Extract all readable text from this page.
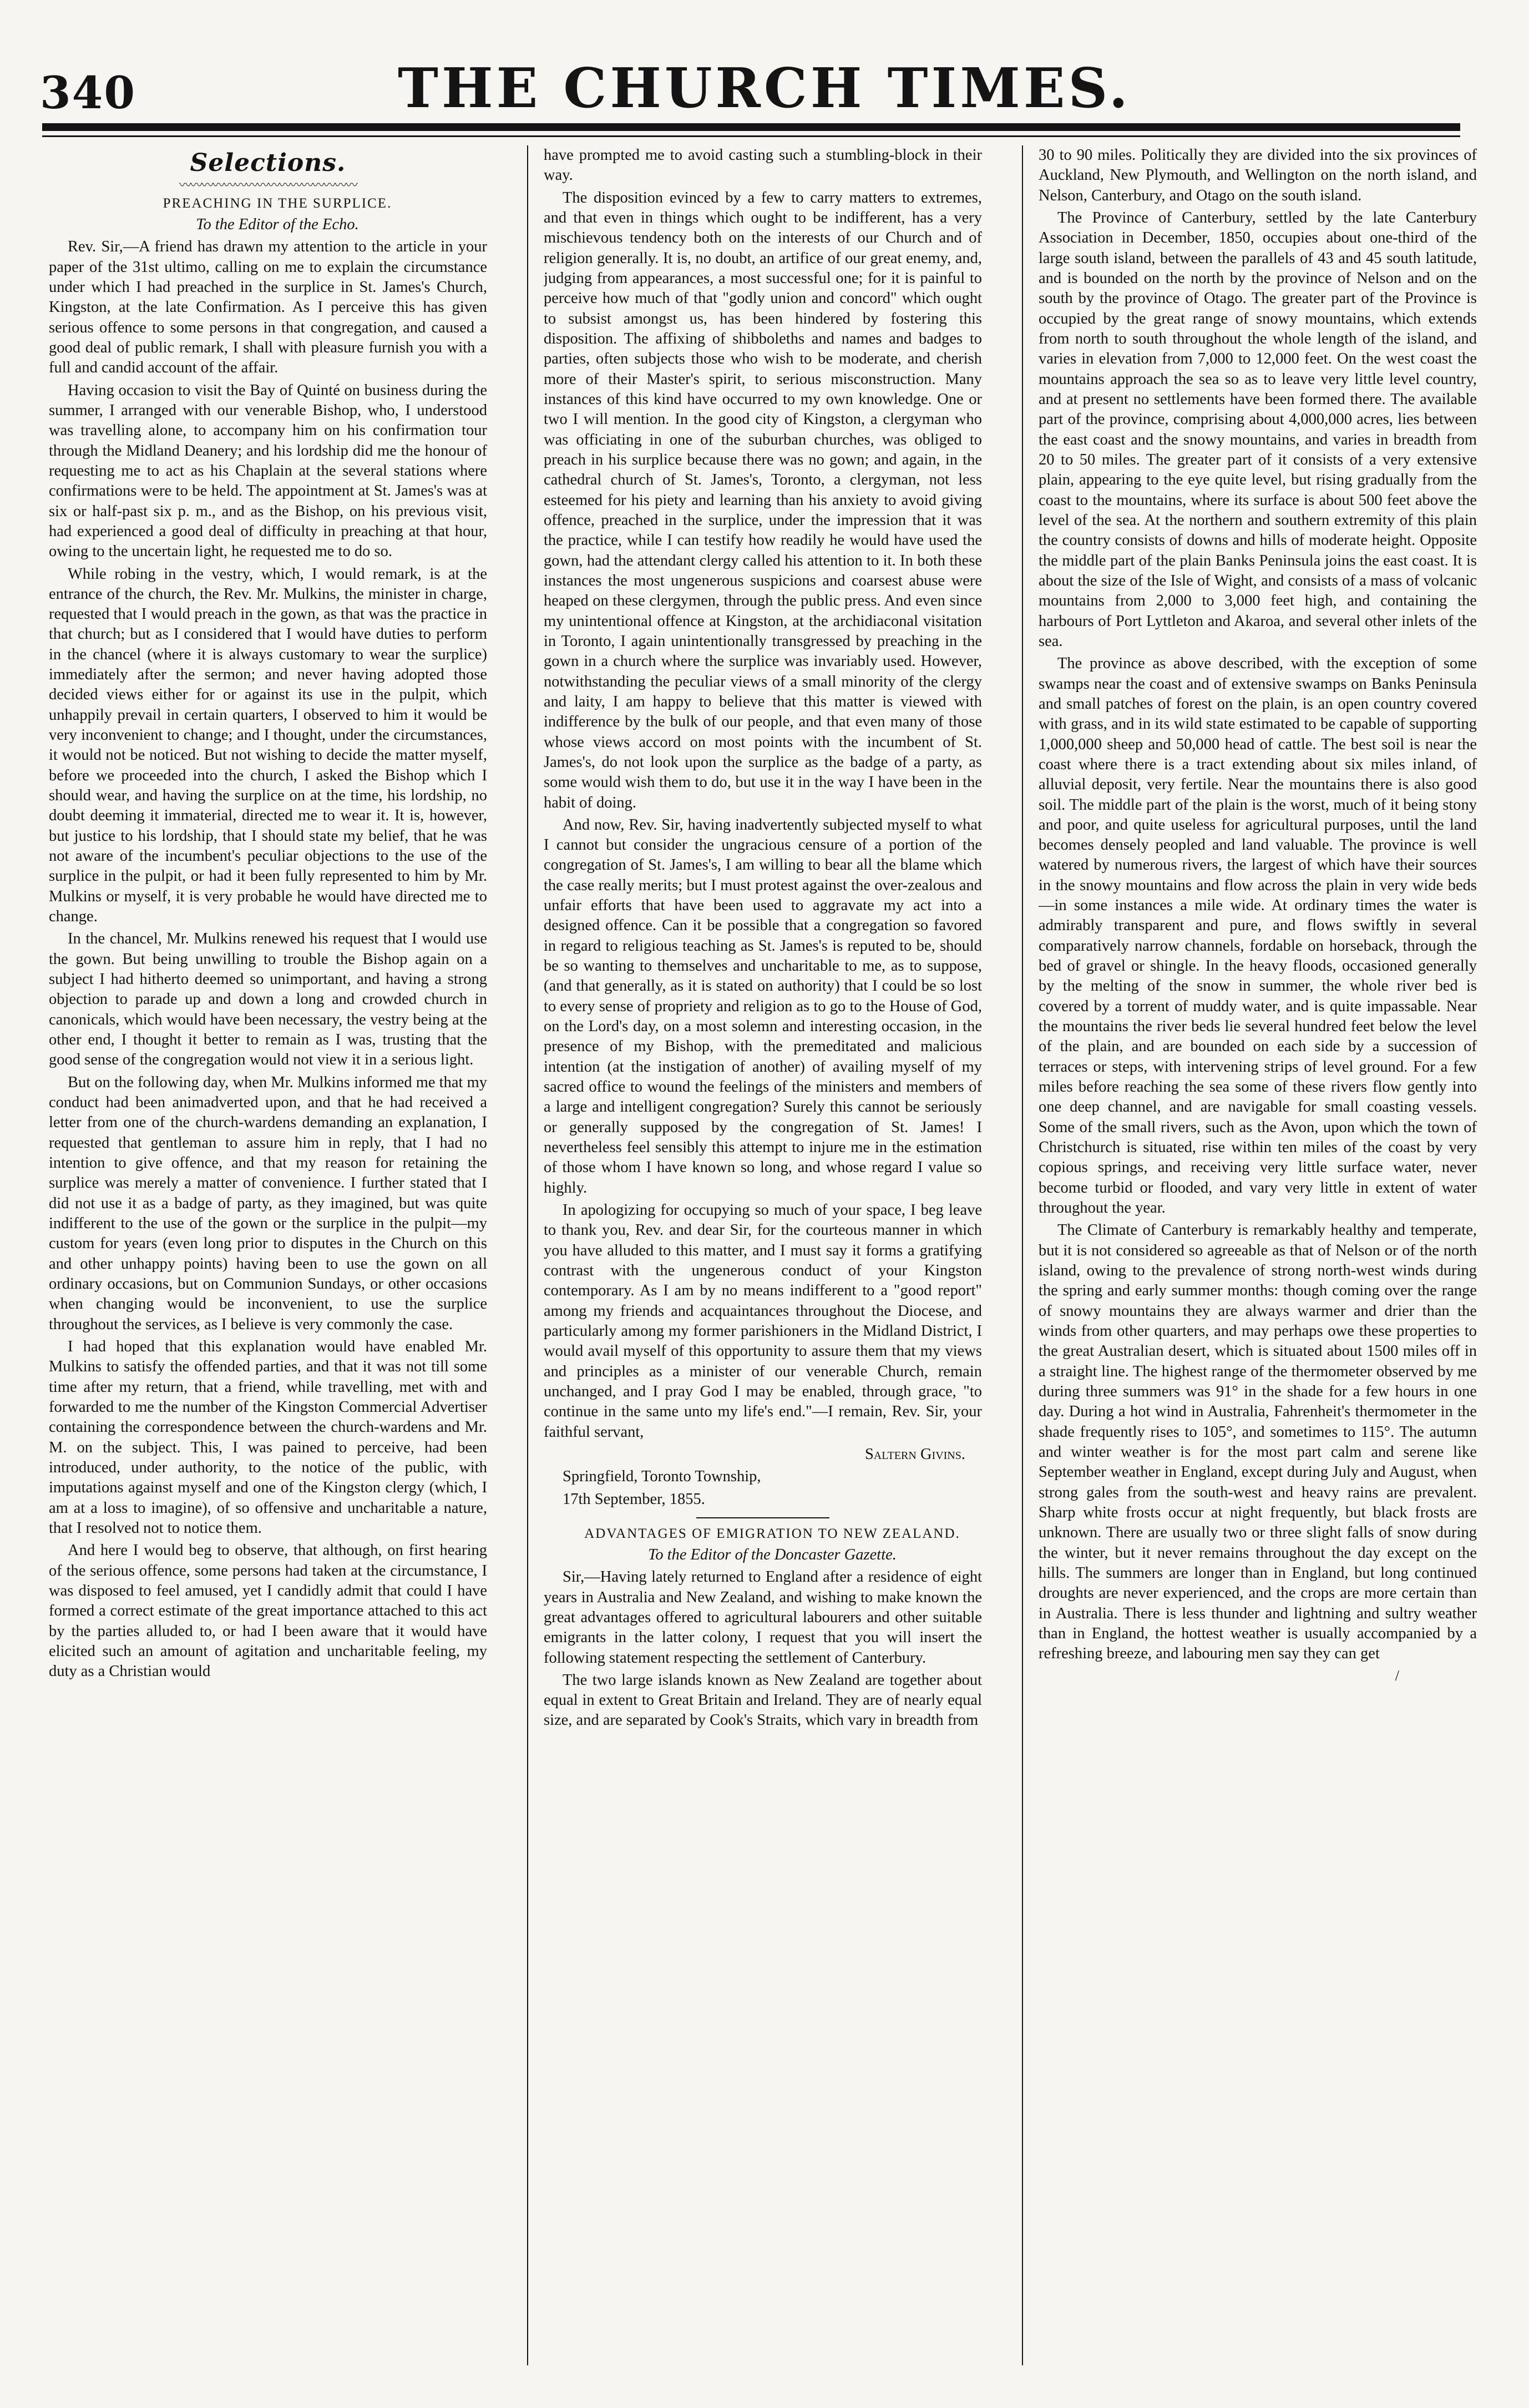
340	THE CHURCH TIMES.
Selections.
〰〰〰〰〰〰〰〰〰〰〰〰〰〰〰〰

PREACHING IN THE SURPLICE.

To the Editor of the Echo.

Rev. Sir,—A friend has drawn my attention to the article in your paper of the 31st ultimo, calling on me to explain the circumstance under which I had preached in the surplice in St. James's Church, Kingston, at the late Confirmation. As I perceive this has given serious offence to some persons in that congregation, and caused a good deal of public remark, I shall with pleasure furnish you with a full and candid account of the affair.

Having occasion to visit the Bay of Quinté on business during the summer, I arranged with our venerable Bishop, who, I understood was travelling alone, to accompany him on his confirmation tour through the Midland Deanery; and his lordship did me the honour of requesting me to act as his Chaplain at the several stations where confirmations were to be held. The appointment at St. James's was at six or half-past six p. m., and as the Bishop, on his previous visit, had experienced a good deal of difficulty in preaching at that hour, owing to the uncertain light, he requested me to do so.

While robing in the vestry, which, I would remark, is at the entrance of the church, the Rev. Mr. Mulkins, the minister in charge, requested that I would preach in the gown, as that was the practice in that church; but as I considered that I would have duties to perform in the chancel (where it is always customary to wear the surplice) immediately after the sermon; and never having adopted those decided views either for or against its use in the pulpit, which unhappily prevail in certain quarters, I observed to him it would be very inconvenient to change; and I thought, under the circumstances, it would not be noticed. But not wishing to decide the matter myself, before we proceeded into the church, I asked the Bishop which I should wear, and having the surplice on at the time, his lordship, no doubt deeming it immaterial, directed me to wear it. It is, however, but justice to his lordship, that I should state my belief, that he was not aware of the incumbent's peculiar objections to the use of the surplice in the pulpit, or had it been fully represented to him by Mr. Mulkins or myself, it is very probable he would have directed me to change.

In the chancel, Mr. Mulkins renewed his request that I would use the gown. But being unwilling to trouble the Bishop again on a subject I had hitherto deemed so unimportant, and having a strong objection to parade up and down a long and crowded church in canonicals, which would have been necessary, the vestry being at the other end, I thought it better to remain as I was, trusting that the good sense of the congregation would not view it in a serious light.

But on the following day, when Mr. Mulkins informed me that my conduct had been animadverted upon, and that he had received a letter from one of the church-wardens demanding an explanation, I requested that gentleman to assure him in reply, that I had no intention to give offence, and that my reason for retaining the surplice was merely a matter of convenience. I further stated that I did not use it as a badge of party, as they imagined, but was quite indifferent to the use of the gown or the surplice in the pulpit—my custom for years (even long prior to disputes in the Church on this and other unhappy points) having been to use the gown on all ordinary occasions, but on Communion Sundays, or other occasions when changing would be inconvenient, to use the surplice throughout the services, as I believe is very commonly the case.

I had hoped that this explanation would have enabled Mr. Mulkins to satisfy the offended parties, and that it was not till some time after my return, that a friend, while travelling, met with and forwarded to me the number of the Kingston Commercial Advertiser containing the correspondence between the church-wardens and Mr. M. on the subject. This, I was pained to perceive, had been introduced, under authority, to the notice of the public, with imputations against myself and one of the Kingston clergy (which, I am at a loss to imagine), of so offensive and uncharitable a nature, that I resolved not to notice them.

And here I would beg to observe, that although, on first hearing of the serious offence, some persons had taken at the circumstance, I was disposed to feel amused, yet I candidly admit that could I have formed a correct estimate of the great importance attached to this act by the parties alluded to, or had I been aware that it would have elicited such an amount of agitation and uncharitable feeling, my duty as a Christian would

have prompted me to avoid casting such a stumbling-block in their way.

The disposition evinced by a few to carry matters to extremes, and that even in things which ought to be indifferent, has a very mischievous tendency both on the interests of our Church and of religion generally. It is, no doubt, an artifice of our great enemy, and, judging from appearances, a most successful one; for it is painful to perceive how much of that "godly union and concord" which ought to subsist amongst us, has been hindered by fostering this disposition. The affixing of shibboleths and names and badges to parties, often subjects those who wish to be moderate, and cherish more of their Master's spirit, to serious misconstruction. Many instances of this kind have occurred to my own knowledge. One or two I will mention. In the good city of Kingston, a clergyman who was officiating in one of the suburban churches, was obliged to preach in his surplice because there was no gown; and again, in the cathedral church of St. James's, Toronto, a clergyman, not less esteemed for his piety and learning than his anxiety to avoid giving offence, preached in the surplice, under the impression that it was the practice, while I can testify how readily he would have used the gown, had the attendant clergy called his attention to it. In both these instances the most ungenerous suspicions and coarsest abuse were heaped on these clergymen, through the public press. And even since my unintentional offence at Kingston, at the archidiaconal visitation in Toronto, I again unintentionally transgressed by preaching in the gown in a church where the surplice was invariably used. However, notwithstanding the peculiar views of a small minority of the clergy and laity, I am happy to believe that this matter is viewed with indifference by the bulk of our people, and that even many of those whose views accord on most points with the incumbent of St. James's, do not look upon the surplice as the badge of a party, as some would wish them to do, but use it in the way I have been in the habit of doing.

And now, Rev. Sir, having inadvertently subjected myself to what I cannot but consider the ungracious censure of a portion of the congregation of St. James's, I am willing to bear all the blame which the case really merits; but I must protest against the over-zealous and unfair efforts that have been used to aggravate my act into a designed offence. Can it be possible that a congregation so favored in regard to religious teaching as St. James's is reputed to be, should be so wanting to themselves and uncharitable to me, as to suppose, (and that generally, as it is stated on authority) that I could be so lost to every sense of propriety and religion as to go to the House of God, on the Lord's day, on a most solemn and interesting occasion, in the presence of my Bishop, with the premeditated and malicious intention (at the instigation of another) of availing myself of my sacred office to wound the feelings of the ministers and members of a large and intelligent congregation? Surely this cannot be seriously or generally supposed by the congregation of St. James! I nevertheless feel sensibly this attempt to injure me in the estimation of those whom I have known so long, and whose regard I value so highly.

In apologizing for occupying so much of your space, I beg leave to thank you, Rev. and dear Sir, for the courteous manner in which you have alluded to this matter, and I must say it forms a gratifying contrast with the ungenerous conduct of your Kingston contemporary. As I am by no means indifferent to a "good report" among my friends and acquaintances throughout the Diocese, and particularly among my former parishioners in the Midland District, I would avail myself of this opportunity to assure them that my views and principles as a minister of our venerable Church, remain unchanged, and I pray God I may be enabled, through grace, "to continue in the same unto my life's end."—I remain, Rev. Sir, your faithful servant,

Saltern Givins.

Springfield, Toronto Township,

17th September, 1855.

ADVANTAGES OF EMIGRATION TO NEW ZEALAND.

To the Editor of the Doncaster Gazette.

Sir,—Having lately returned to England after a residence of eight years in Australia and New Zealand, and wishing to make known the great advantages offered to agricultural labourers and other suitable emigrants in the latter colony, I request that you will insert the following statement respecting the settlement of Canterbury.

The two large islands known as New Zealand are together about equal in extent to Great Britain and Ireland. They are of nearly equal size, and are separated by Cook's Straits, which vary in breadth from

30 to 90 miles. Politically they are divided into the six provinces of Auckland, New Plymouth, and Wellington on the north island, and Nelson, Canterbury, and Otago on the south island.

The Province of Canterbury, settled by the late Canterbury Association in December, 1850, occupies about one-third of the large south island, between the parallels of 43 and 45 south latitude, and is bounded on the north by the province of Nelson and on the south by the province of Otago. The greater part of the Province is occupied by the great range of snowy mountains, which extends from north to south throughout the whole length of the island, and varies in elevation from 7,000 to 12,000 feet. On the west coast the mountains approach the sea so as to leave very little level country, and at present no settlements have been formed there. The available part of the province, comprising about 4,000,000 acres, lies between the east coast and the snowy mountains, and varies in breadth from 20 to 50 miles. The greater part of it consists of a very extensive plain, appearing to the eye quite level, but rising gradually from the coast to the mountains, where its surface is about 500 feet above the level of the sea. At the northern and southern extremity of this plain the country consists of downs and hills of moderate height. Opposite the middle part of the plain Banks Peninsula joins the east coast. It is about the size of the Isle of Wight, and consists of a mass of volcanic mountains from 2,000 to 3,000 feet high, and containing the harbours of Port Lyttleton and Akaroa, and several other inlets of the sea.

The province as above described, with the exception of some swamps near the coast and of extensive swamps on Banks Peninsula and small patches of forest on the plain, is an open country covered with grass, and in its wild state estimated to be capable of supporting 1,000,000 sheep and 50,000 head of cattle. The best soil is near the coast where there is a tract extending about six miles inland, of alluvial deposit, very fertile. Near the mountains there is also good soil. The middle part of the plain is the worst, much of it being stony and poor, and quite useless for agricultural purposes, until the land becomes densely peopled and land valuable. The province is well watered by numerous rivers, the largest of which have their sources in the snowy mountains and flow across the plain in very wide beds—in some instances a mile wide. At ordinary times the water is admirably transparent and pure, and flows swiftly in several comparatively narrow channels, fordable on horseback, through the bed of gravel or shingle. In the heavy floods, occasioned generally by the melting of the snow in summer, the whole river bed is covered by a torrent of muddy water, and is quite impassable. Near the mountains the river beds lie several hundred feet below the level of the plain, and are bounded on each side by a succession of terraces or steps, with intervening strips of level ground. For a few miles before reaching the sea some of these rivers flow gently into one deep channel, and are navigable for small coasting vessels. Some of the small rivers, such as the Avon, upon which the town of Christchurch is situated, rise within ten miles of the coast by very copious springs, and receiving very little surface water, never become turbid or flooded, and vary very little in extent of water throughout the year.

The Climate of Canterbury is remarkably healthy and temperate, but it is not considered so agreeable as that of Nelson or of the north island, owing to the prevalence of strong north-west winds during the spring and early summer months: though coming over the range of snowy mountains they are always warmer and drier than the winds from other quarters, and may perhaps owe these properties to the great Australian desert, which is situated about 1500 miles off in a straight line. The highest range of the thermometer observed by me during three summers was 91° in the shade for a few hours in one day. During a hot wind in Australia, Fahrenheit's thermometer in the shade frequently rises to 105°, and sometimes to 115°. The autumn and winter weather is for the most part calm and serene like September weather in England, except during July and August, when strong gales from the south-west and heavy rains are prevalent. Sharp white frosts occur at night frequently, but black frosts are unknown. There are usually two or three slight falls of snow during the winter, but it never remains throughout the day except on the hills. The summers are longer than in England, but long continued droughts are never experienced, and the crops are more certain than in Australia. There is less thunder and lightning and sultry weather than in England, the hottest weather is usually accompanied by a refreshing breeze, and labouring men say they can get

/
